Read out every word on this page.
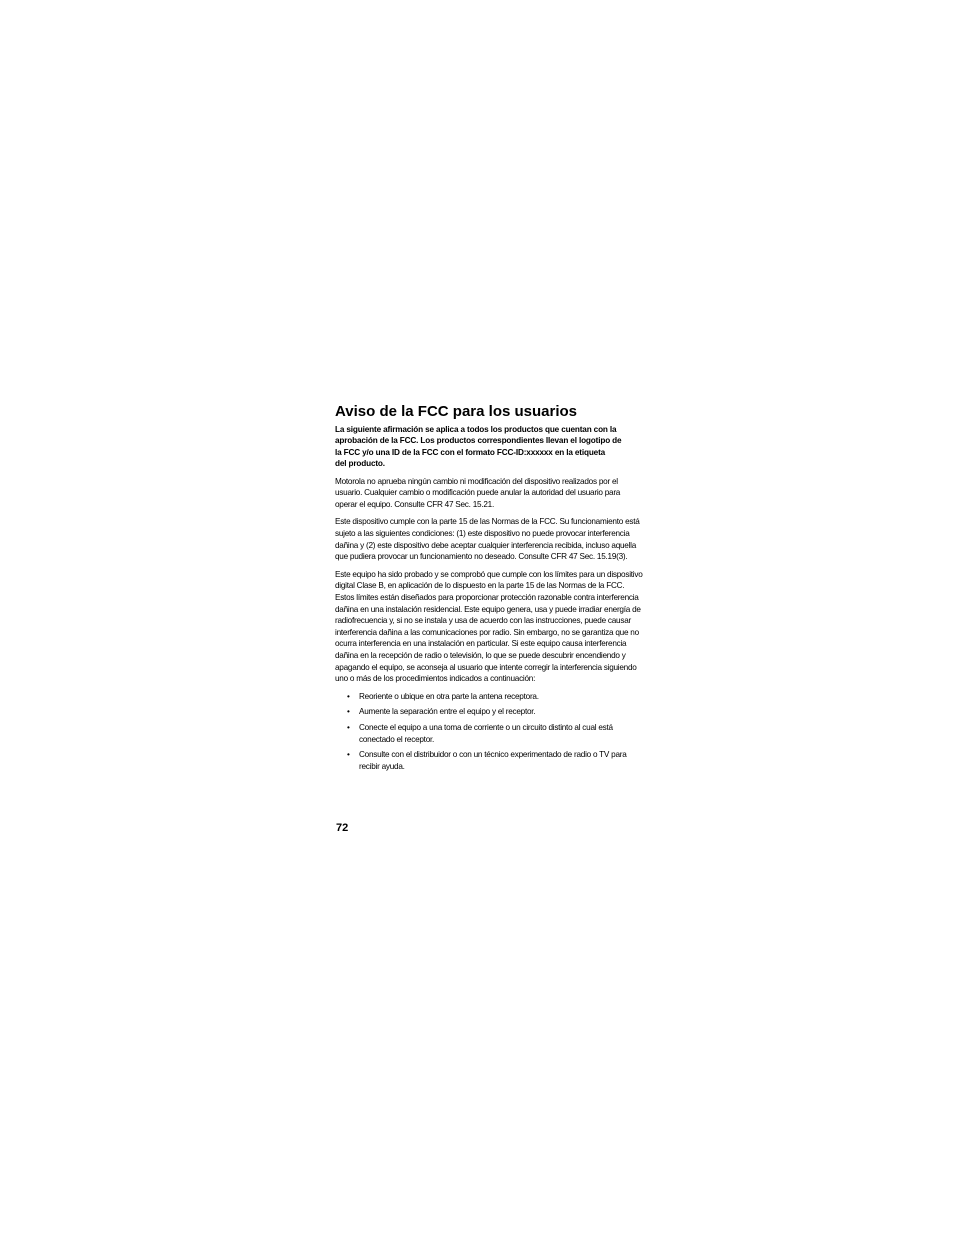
Aviso de la FCC para los usuarios
La siguiente afirmación se aplica a todos los productos que cuentan con la
aprobación de la FCC. Los productos correspondientes llevan el logotipo de
la FCC y/o una ID de la FCC con el formato FCC-ID:xxxxxx en la etiqueta
del producto.
Motorola no aprueba ningún cambio ni modificación del dispositivo realizados por el
usuario. Cualquier cambio o modificación puede anular la autoridad del usuario para
operar el equipo. Consulte CFR 47 Sec. 15.21.
Este dispositivo cumple con la parte 15 de las Normas de la FCC. Su funcionamiento está
sujeto a las siguientes condiciones: (1) este dispositivo no puede provocar interferencia
dañina y (2) este dispositivo debe aceptar cualquier interferencia recibida, incluso aquella
que pudiera provocar un funcionamiento no deseado. Consulte CFR 47 Sec. 15.19(3).
Este equipo ha sido probado y se comprobó que cumple con los límites para un dispositivo
digital Clase B, en aplicación de lo dispuesto en la parte 15 de las Normas de la FCC.
Estos límites están diseñados para proporcionar protección razonable contra interferencia
dañina en una instalación residencial. Este equipo genera, usa y puede irradiar energía de
radiofrecuencia y, si no se instala y usa de acuerdo con las instrucciones, puede causar
interferencia dañina a las comunicaciones por radio. Sin embargo, no se garantiza que no
ocurra interferencia en una instalación en particular. Si este equipo causa interferencia
dañina en la recepción de radio o televisión, lo que se puede descubrir encendiendo y
apagando el equipo, se aconseja al usuario que intente corregir la interferencia siguiendo
uno o más de los procedimientos indicados a continuación:
• Reoriente o ubique en otra parte la antena receptora.
• Aumente la separación entre el equipo y el receptor.
• Conecte el equipo a una toma de corriente o un circuito distinto al cual está
conectado el receptor.
• Consulte con el distribuidor o con un técnico experimentado de radio o TV para
recibir ayuda.
72
